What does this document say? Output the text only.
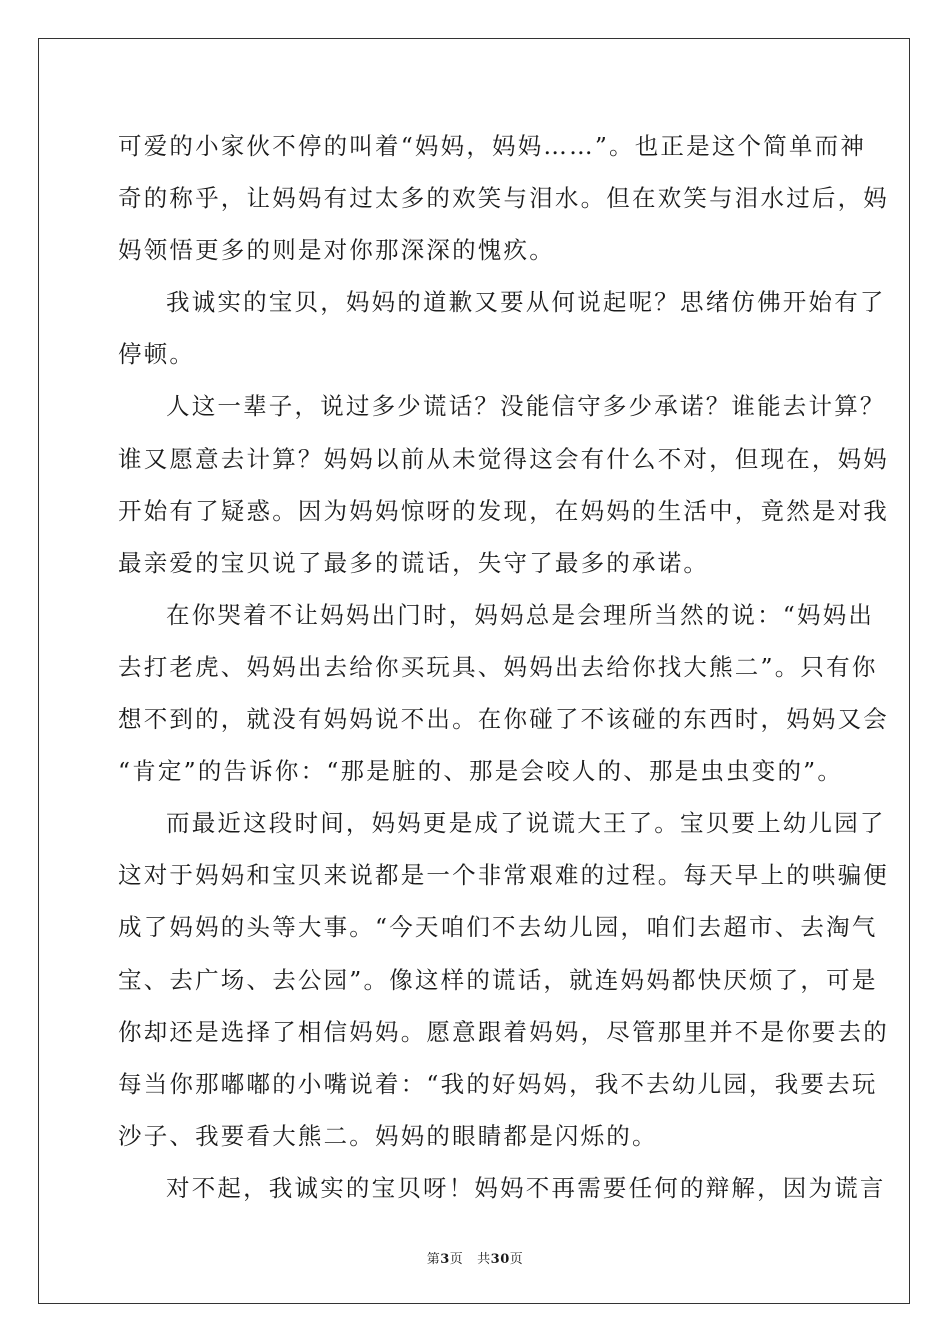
可爱的小家伙不停的叫着“妈妈，妈妈……”。也正是这个简单而神
奇的称乎，让妈妈有过太多的欢笑与泪水。但在欢笑与泪水过后，妈
妈领悟更多的则是对你那深深的愧疚。
我诚实的宝贝，妈妈的道歉又要从何说起呢？思绪仿佛开始有了
停顿。
人这一辈子，说过多少谎话？没能信守多少承诺？谁能去计算？
谁又愿意去计算？妈妈以前从未觉得这会有什么不对，但现在，妈妈
开始有了疑惑。因为妈妈惊呀的发现，在妈妈的生活中，竟然是对我
最亲爱的宝贝说了最多的谎话，失守了最多的承诺。
在你哭着不让妈妈出门时，妈妈总是会理所当然的说：“妈妈出
去打老虎、妈妈出去给你买玩具、妈妈出去给你找大熊二”。只有你
想不到的，就没有妈妈说不出。在你碰了不该碰的东西时，妈妈又会
“肯定”的告诉你：“那是脏的、那是会咬人的、那是虫虫变的”。
而最近这段时间，妈妈更是成了说谎大王了。宝贝要上幼儿园了
这对于妈妈和宝贝来说都是一个非常艰难的过程。每天早上的哄骗便
成了妈妈的头等大事。“今天咱们不去幼儿园，咱们去超市、去淘气
宝、去广场、去公园”。像这样的谎话，就连妈妈都快厌烦了，可是
你却还是选择了相信妈妈。愿意跟着妈妈，尽管那里并不是你要去的
每当你那嘟嘟的小嘴说着：“我的好妈妈，我不去幼儿园，我要去玩
沙子、我要看大熊二。妈妈的眼睛都是闪烁的。
对不起，我诚实的宝贝呀！妈妈不再需要任何的辩解，因为谎言
第3页   共30页
